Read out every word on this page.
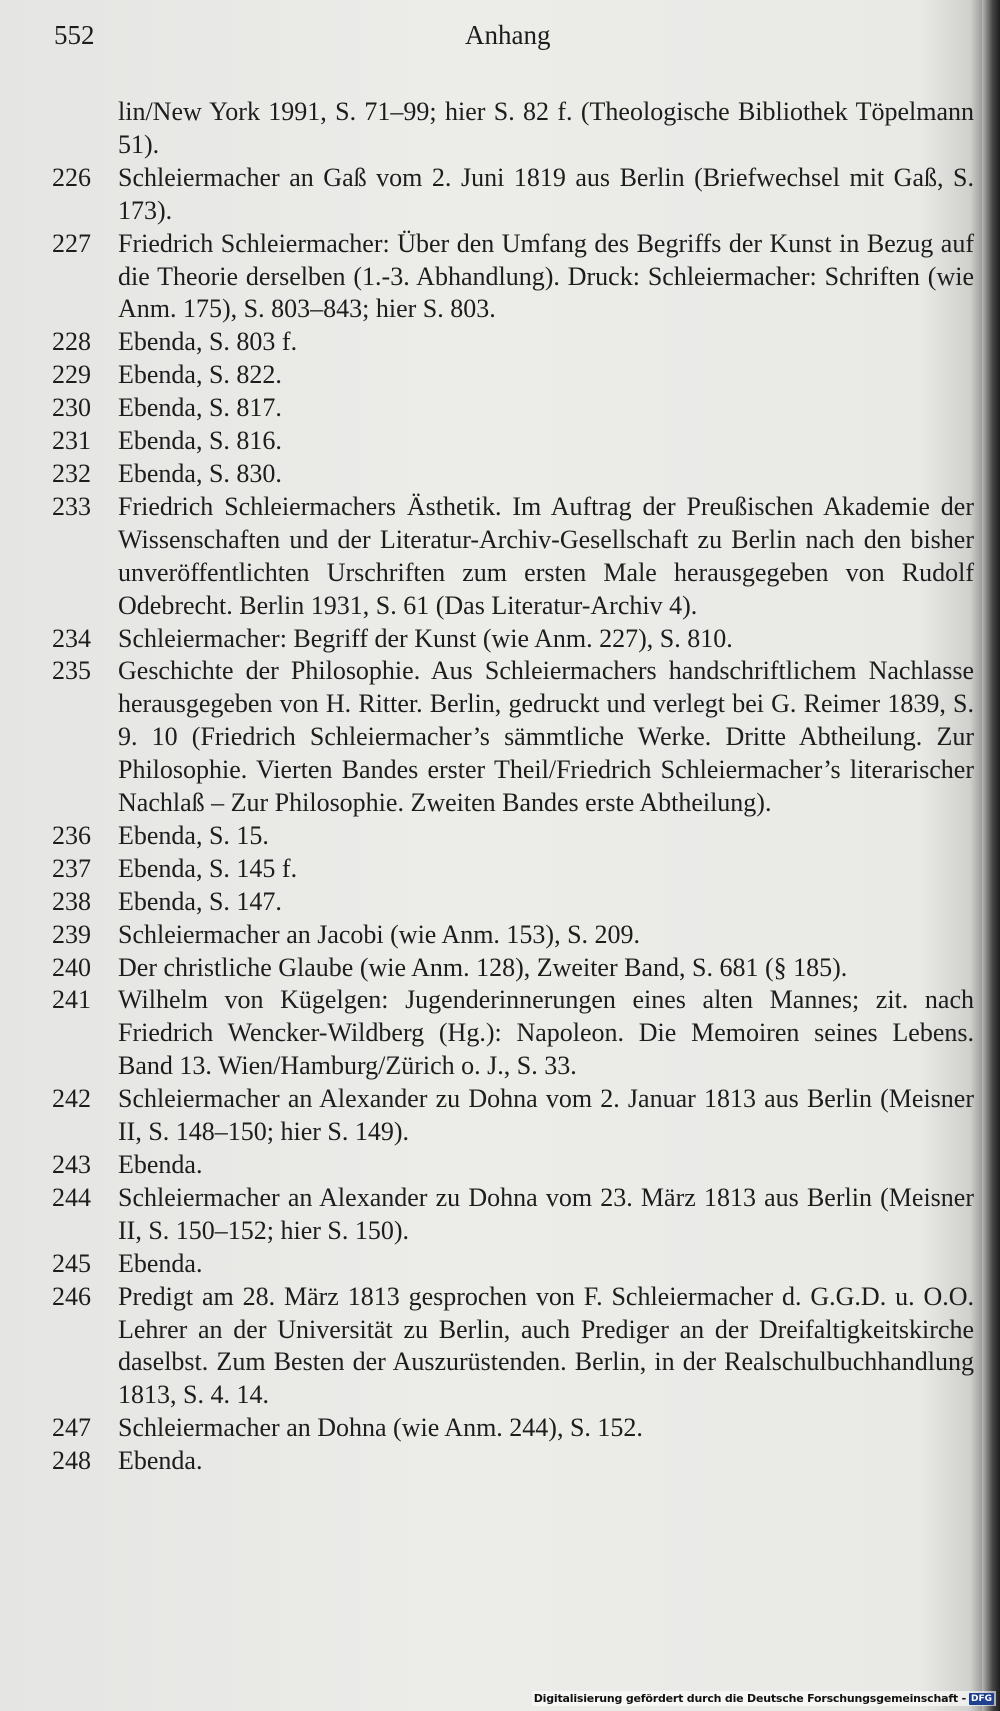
552	Anhang
lin/New York 1991, S. 71–99; hier S. 82 f. (Theologische Bibliothek Töpelmann 51).
226	Schleiermacher an Gaß vom 2. Juni 1819 aus Berlin (Briefwechsel mit Gaß, S. 173).
227	Friedrich Schleiermacher: Über den Umfang des Begriffs der Kunst in Bezug auf die Theorie derselben (1.-3. Abhandlung). Druck: Schleiermacher: Schriften (wie Anm. 175), S. 803–843; hier S. 803.
228	Ebenda, S. 803 f.
229	Ebenda, S. 822.
230	Ebenda, S. 817.
231	Ebenda, S. 816.
232	Ebenda, S. 830.
233	Friedrich Schleiermachers Ästhetik. Im Auftrag der Preußischen Akademie der Wissenschaften und der Literatur-Archiv-Gesellschaft zu Berlin nach den bisher unveröffentlichten Urschriften zum ersten Male herausgegeben von Rudolf Odebrecht. Berlin 1931, S. 61 (Das Literatur-Archiv 4).
234	Schleiermacher: Begriff der Kunst (wie Anm. 227), S. 810.
235	Geschichte der Philosophie. Aus Schleiermachers handschriftlichem Nachlasse herausgegeben von H. Ritter. Berlin, gedruckt und verlegt bei G. Reimer 1839, S. 9. 10 (Friedrich Schleiermacher’s sämmtliche Werke. Dritte Abtheilung. Zur Philosophie. Vierten Bandes erster Theil/Friedrich Schleiermacher’s literarischer Nachlaß – Zur Philosophie. Zweiten Bandes erste Abtheilung).
236	Ebenda, S. 15.
237	Ebenda, S. 145 f.
238	Ebenda, S. 147.
239	Schleiermacher an Jacobi (wie Anm. 153), S. 209.
240	Der christliche Glaube (wie Anm. 128), Zweiter Band, S. 681 (§ 185).
241	Wilhelm von Kügelgen: Jugenderinnerungen eines alten Mannes; zit. nach Friedrich Wencker-Wildberg (Hg.): Napoleon. Die Memoiren seines Lebens. Band 13. Wien/Hamburg/Zürich o. J., S. 33.
242	Schleiermacher an Alexander zu Dohna vom 2. Januar 1813 aus Berlin (Meisner II, S. 148–150; hier S. 149).
243	Ebenda.
244	Schleiermacher an Alexander zu Dohna vom 23. März 1813 aus Berlin (Meisner II, S. 150–152; hier S. 150).
245	Ebenda.
246	Predigt am 28. März 1813 gesprochen von F. Schleiermacher d. G.G.D. u. O.O. Lehrer an der Universität zu Berlin, auch Prediger an der Dreifaltigkeitskirche daselbst. Zum Besten der Auszurüstenden. Berlin, in der Realschulbuchhandlung 1813, S. 4. 14.
247	Schleiermacher an Dohna (wie Anm. 244), S. 152.
248	Ebenda.
Digitalisierung gefördert durch die Deutsche Forschungsgemeinschaft - DFG
